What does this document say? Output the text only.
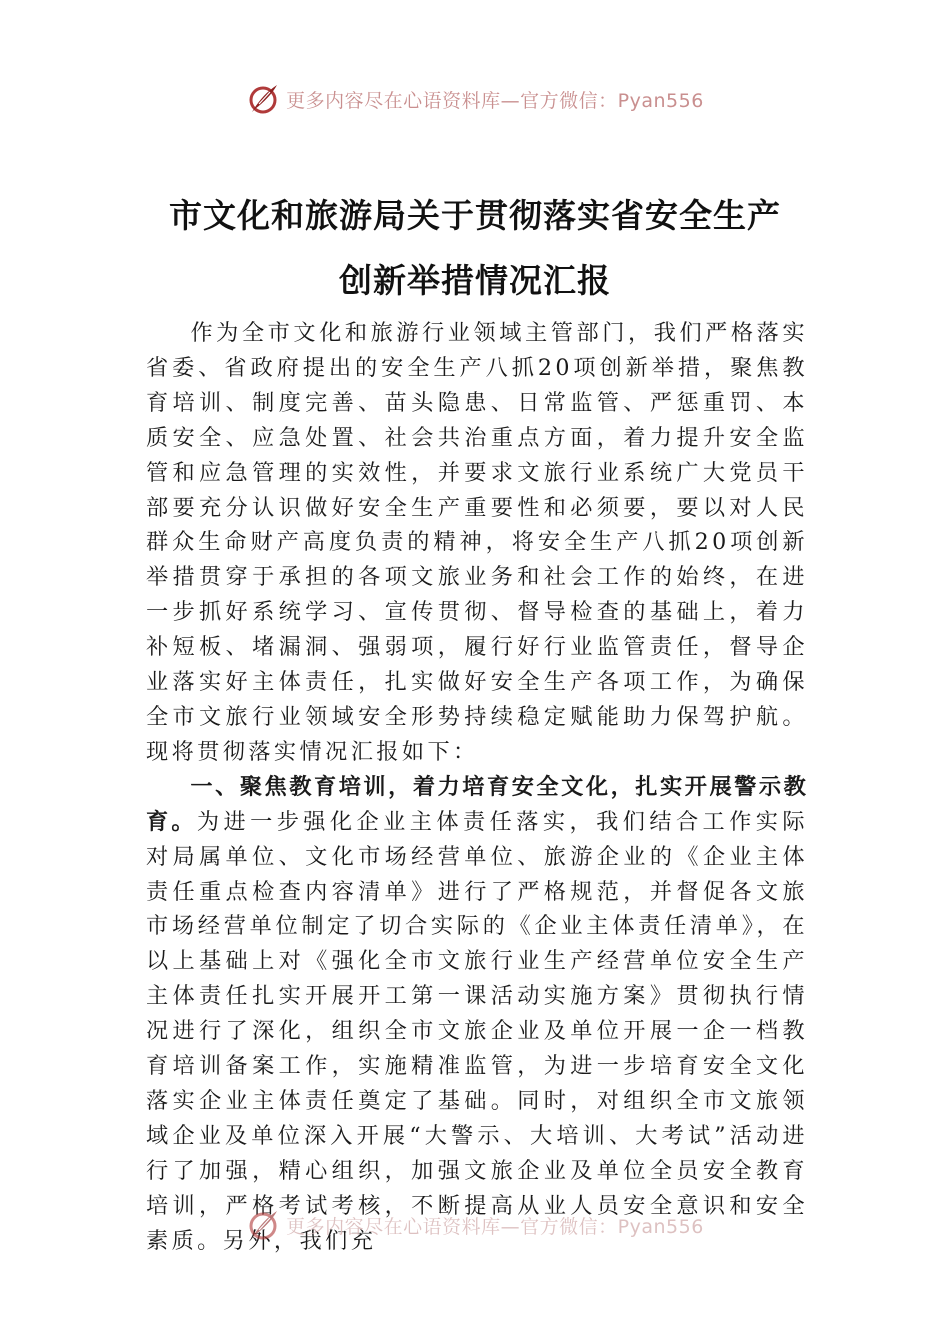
更多内容尽在心语资料库—官方微信：Pyan556
市文化和旅游局关于贯彻落实省安全生产
创新举措情况汇报

作为全市文化和旅游行业领域主管部门，我们严格落实省委、省政府提出的安全生产八抓20项创新举措，聚焦教育培训、制度完善、苗头隐患、日常监管、严惩重罚、本质安全、应急处置、社会共治重点方面，着力提升安全监管和应急管理的实效性，并要求文旅行业系统广大党员干部要充分认识做好安全生产重要性和必须要，要以对人民群众生命财产高度负责的精神，将安全生产八抓20项创新举措贯穿于承担的各项文旅业务和社会工作的始终，在进一步抓好系统学习、宣传贯彻、督导检查的基础上，着力补短板、堵漏洞、强弱项，履行好行业监管责任，督导企业落实好主体责任，扎实做好安全生产各项工作，为确保全市文旅行业领域安全形势持续稳定赋能助力保驾护航。现将贯彻落实情况汇报如下：

一、聚焦教育培训，着力培育安全文化，扎实开展警示教育。为进一步强化企业主体责任落实，我们结合工作实际对局属单位、文化市场经营单位、旅游企业的《企业主体责任重点检查内容清单》进行了严格规范，并督促各文旅市场经营单位制定了切合实际的《企业主体责任清单》，在以上基础上对《强化全市文旅行业生产经营单位安全生产主体责任扎实开展开工第一课活动实施方案》贯彻执行情况进行了深化，组织全市文旅企业及单位开展一企一档教育培训备案工作，实施精准监管，为进一步培育安全文化落实企业主体责任奠定了基础。同时，对组织全市文旅领域企业及单位深入开展“大警示、大培训、大考试”活动进行了加强，精心组织，加强文旅企业及单位全员安全教育培训，严格考试考核，不断提高从业人员安全意识和安全素质。另外，我们充

更多内容尽在心语资料库—官方微信：Pyan556
